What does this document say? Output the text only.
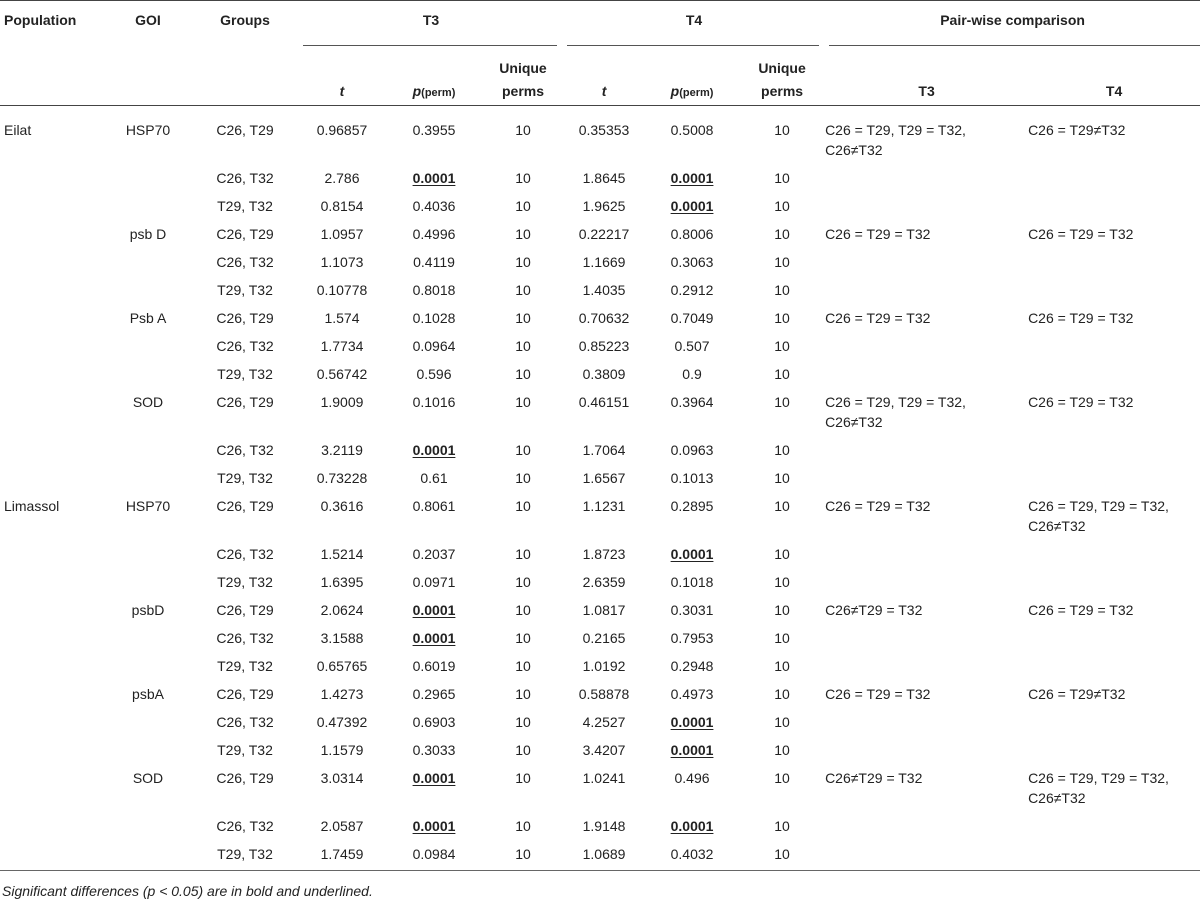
Population	GOI	Groups	T3			T4			Pair-wise comparison	

			t	p(perm)	Unique perms	t	p(perm)	Unique perms	T3	T4
Eilat	HSP70	C26, T29	0.96857	0.3955	10	0.35353	0.5008	10	C26 = T29, T29 = T32, C26≠T32	C26 = T29≠T32
		C26, T32	2.786	0.0001	10	1.8645	0.0001	10		
		T29, T32	0.8154	0.4036	10	1.9625	0.0001	10		
	psb D	C26, T29	1.0957	0.4996	10	0.22217	0.8006	10	C26 = T29 = T32	C26 = T29 = T32
		C26, T32	1.1073	0.4119	10	1.1669	0.3063	10		
		T29, T32	0.10778	0.8018	10	1.4035	0.2912	10		
	Psb A	C26, T29	1.574	0.1028	10	0.70632	0.7049	10	C26 = T29 = T32	C26 = T29 = T32
		C26, T32	1.7734	0.0964	10	0.85223	0.507	10		
		T29, T32	0.56742	0.596	10	0.3809	0.9	10		
	SOD	C26, T29	1.9009	0.1016	10	0.46151	0.3964	10	C26 = T29, T29 = T32, C26≠T32	C26 = T29 = T32
		C26, T32	3.2119	0.0001	10	1.7064	0.0963	10		
		T29, T32	0.73228	0.61	10	1.6567	0.1013	10		
Limassol	HSP70	C26, T29	0.3616	0.8061	10	1.1231	0.2895	10	C26 = T29 = T32	C26 = T29, T29 = T32, C26≠T32
		C26, T32	1.5214	0.2037	10	1.8723	0.0001	10		
		T29, T32	1.6395	0.0971	10	2.6359	0.1018	10		
	psbD	C26, T29	2.0624	0.0001	10	1.0817	0.3031	10	C26≠T29 = T32	C26 = T29 = T32
		C26, T32	3.1588	0.0001	10	0.2165	0.7953	10		
		T29, T32	0.65765	0.6019	10	1.0192	0.2948	10		
	psbA	C26, T29	1.4273	0.2965	10	0.58878	0.4973	10	C26 = T29 = T32	C26 = T29≠T32
		C26, T32	0.47392	0.6903	10	4.2527	0.0001	10		
		T29, T32	1.1579	0.3033	10	3.4207	0.0001	10		
	SOD	C26, T29	3.0314	0.0001	10	1.0241	0.496	10	C26≠T29 = T32	C26 = T29, T29 = T32, C26≠T32
		C26, T32	2.0587	0.0001	10	1.9148	0.0001	10		
		T29, T32	1.7459	0.0984	10	1.0689	0.4032	10		
Significant differences (p < 0.05) are in bold and underlined.
